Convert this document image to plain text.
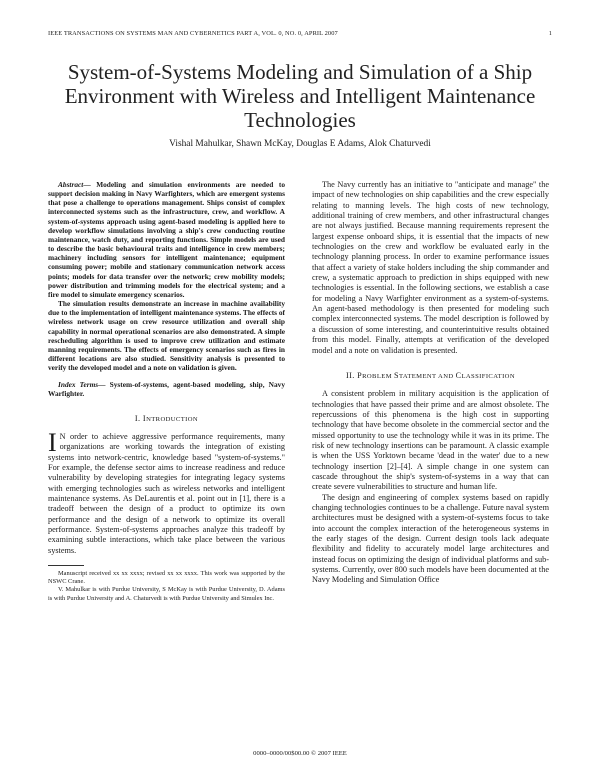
IEEE TRANSACTIONS ON SYSTEMS MAN AND CYBERNETICS PART A, VOL. 0, NO. 0, APRIL 2007	1
System-of-Systems Modeling and Simulation of a Ship Environment with Wireless and Intelligent Maintenance Technologies
Vishal Mahulkar, Shawn McKay, Douglas E Adams, Alok Chaturvedi

Abstract— Modeling and simulation environments are needed to support decision making in Navy Warfighters, which are emergent systems that pose a challenge to operations management. Ships consist of complex interconnected systems such as the infrastructure, crew, and workflow. A system-of-systems approach using agent-based modeling is applied here to develop workflow simulations involving a ship's crew conducting routine maintenance, watch duty, and reporting functions. Simple models are used to describe the basic behavioural traits and intelligence in crew members; machinery including sensors for intelligent maintenance; equipment consuming power; mobile and stationary communication network access points; models for data transfer over the network; crew mobility models; power distribution and trimming models for the electrical system; and a fire model to simulate emergency scenarios.

The simulation results demonstrate an increase in machine availability due to the implementation of intelligent maintenance systems. The effects of wireless network usage on crew resource utilization and overall ship capability in normal operational scenarios are also demonstrated. A simple rescheduling algorithm is used to improve crew utilization and estimate manning requirements. The effects of emergency scenarios such as fires in different locations are also studied. Sensitivity analysis is presented to verify the developed model and a note on validation is given.

Index Terms— System-of-systems, agent-based modeling, ship, Navy Warfighter.

I. INTRODUCTION
I N order to achieve aggressive performance requirements, many organizations are working towards the integration of existing systems into network-centric, knowledge based "system-of-systems." For example, the defense sector aims to increase readiness and reduce vulnerability by developing strategies for integrating legacy systems with emerging technologies such as wireless networks and intelligent maintenance systems. As DeLaurentis et al. point out in [1], there is a tradeoff between the design of a product to optimize its own performance and the design of a network to optimize its overall performance. System-of-systems approaches analyze this tradeoff by examining subtle interactions, which take place between the various systems.

Manuscript received xx xx xxxx; revised xx xx xxxx. This work was supported by the NSWC Crane.

V. Mahulkar is with Purdue University, S McKay is with Purdue University, D. Adams is with Purdue University and A. Chaturvedi is with Purdue University and Simulex Inc.

The Navy currently has an initiative to "anticipate and manage" the impact of new technologies on ship capabilities and the crew especially relating to manning levels. The high costs of new technology, additional training of crew members, and other infrastructural changes are not always justified. Because manning requirements represent the largest expense onboard ships, it is essential that the impacts of new technologies on the crew and workflow be evaluated early in the technology planning process. In order to examine performance issues that affect a variety of stake holders including the ship commander and crew, a systematic approach to prediction in ships equipped with new technologies is essential. In the following sections, we establish a case for modeling a Navy Warfighter environment as a system-of-systems. An agent-based methodology is then presented for modeling such complex interconnected systems. The model description is followed by a discussion of some interesting, and counterintuitive results obtained from this model. Finally, attempts at verification of the developed model and a note on validation is presented.

II. PROBLEM STATEMENT AND CLASSIFICATION

A consistent problem in military acquisition is the application of technologies that have passed their prime and are almost obsolete. The repercussions of this phenomena is the high cost in supporting technology that have become obsolete in the commercial sector and the missed opportunity to use the technology while it was in its prime. The risk of new technology insertions can be paramount. A classic example is when the USS Yorktown became 'dead in the water' due to a new technology insertion [2]–[4]. A simple change in one system can cascade throughout the ship's system-of-systems in a way that can create severe vulnerabilities to structure and human life.

The design and engineering of complex systems based on rapidly changing technologies continues to be a challenge. Future naval system architectures must be designed with a system-of-systems focus to take into account the complex interaction of the heterogeneous systems in the early stages of the design. Current design tools lack adequate flexibility and fidelity to accurately model large architectures and instead focus on optimizing the design of individual platforms and sub-systems. Currently, over 800 such models have been documented at the Navy Modeling and Simulation Office

0000–0000/00$00.00 © 2007 IEEE
